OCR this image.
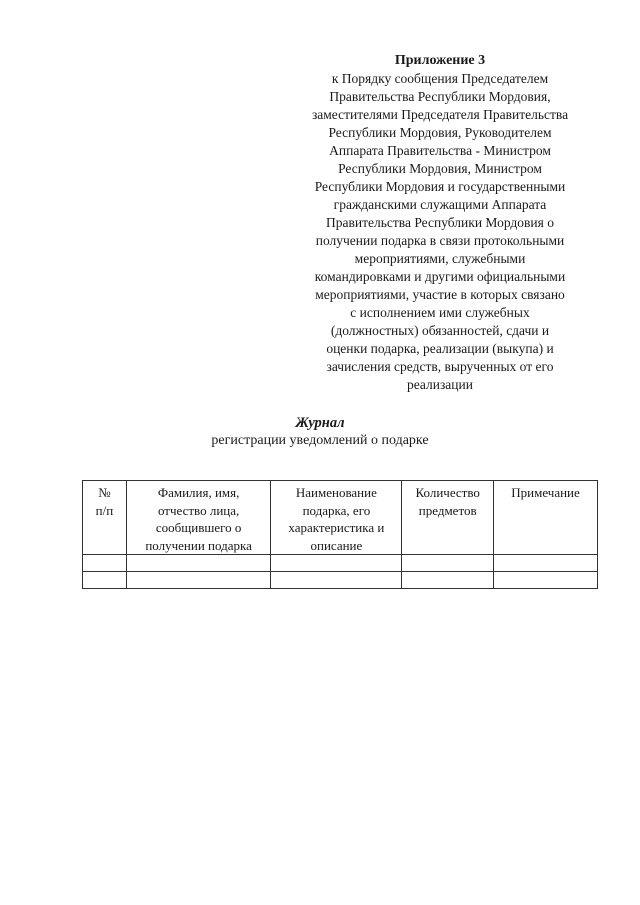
Приложение 3
к Порядку сообщения Председателем
Правительства Республики Мордовия,
заместителями Председателя Правительства
Республики Мордовия, Руководителем
Аппарата Правительства - Министром
Республики Мордовия, Министром
Республики Мордовия и государственными
гражданскими служащими Аппарата
Правительства Республики Мордовия о
получении подарка в связи протокольными
мероприятиями, служебными
командировками и другими официальными
мероприятиями, участие в которых связано
с исполнением ими служебных
(должностных) обязанностей, сдачи и
оценки подарка, реализации (выкупа) и
зачисления средств, вырученных от его
реализации
Журнал
регистрации уведомлений о подарке
№
п/п	Фамилия, имя,
отчество лица,
сообщившего о
получении подарка	Наименование
подарка, его
характеристика и
описание	Количество
предметов	Примечание
